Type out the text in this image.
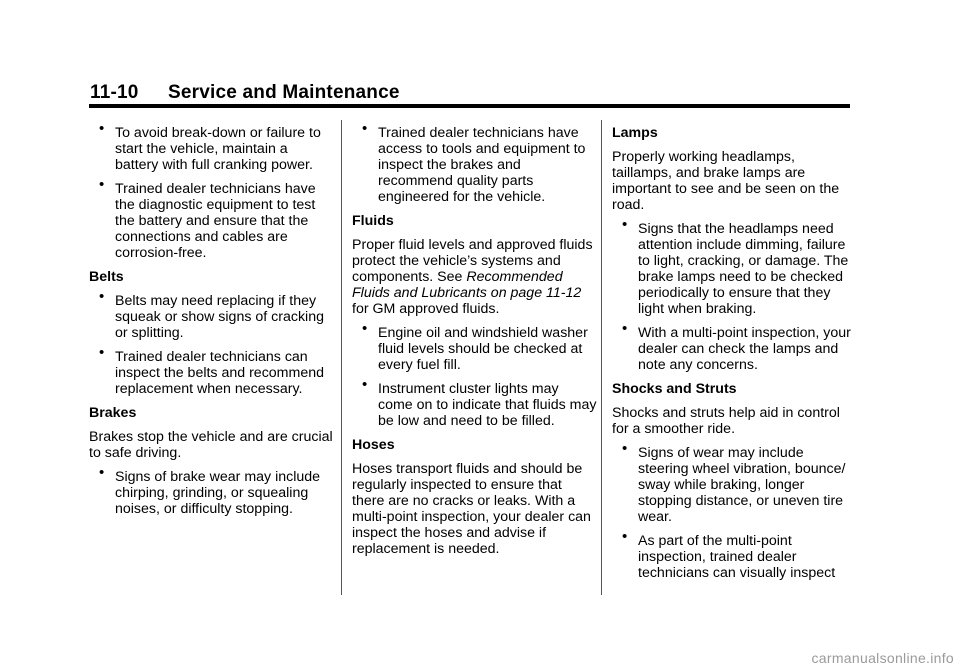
11-10 Service and Maintenance
• To avoid break-down or failure to start the vehicle, maintain a battery with full cranking power.
• Trained dealer technicians have the diagnostic equipment to test the battery and ensure that the connections and cables are corrosion-free.
Belts
• Belts may need replacing if they squeak or show signs of cracking or splitting.
• Trained dealer technicians can inspect the belts and recommend replacement when necessary.
Brakes
Brakes stop the vehicle and are crucial to safe driving.
• Signs of brake wear may include chirping, grinding, or squealing noises, or difficulty stopping.
• Trained dealer technicians have access to tools and equipment to inspect the brakes and recommend quality parts engineered for the vehicle.
Fluids
Proper fluid levels and approved fluids protect the vehicle’s systems and components. See Recommended Fluids and Lubricants on page 11-12 for GM approved fluids.
• Engine oil and windshield washer fluid levels should be checked at every fuel fill.
• Instrument cluster lights may come on to indicate that fluids may be low and need to be filled.
Hoses
Hoses transport fluids and should be regularly inspected to ensure that there are no cracks or leaks. With a multi-point inspection, your dealer can inspect the hoses and advise if replacement is needed.
Lamps
Properly working headlamps, taillamps, and brake lamps are important to see and be seen on the road.
• Signs that the headlamps need attention include dimming, failure to light, cracking, or damage. The brake lamps need to be checked periodically to ensure that they light when braking.
• With a multi-point inspection, your dealer can check the lamps and note any concerns.
Shocks and Struts
Shocks and struts help aid in control for a smoother ride.
• Signs of wear may include steering wheel vibration, bounce/ sway while braking, longer stopping distance, or uneven tire wear.
• As part of the multi-point inspection, trained dealer technicians can visually inspect
carmanualsonline.info
